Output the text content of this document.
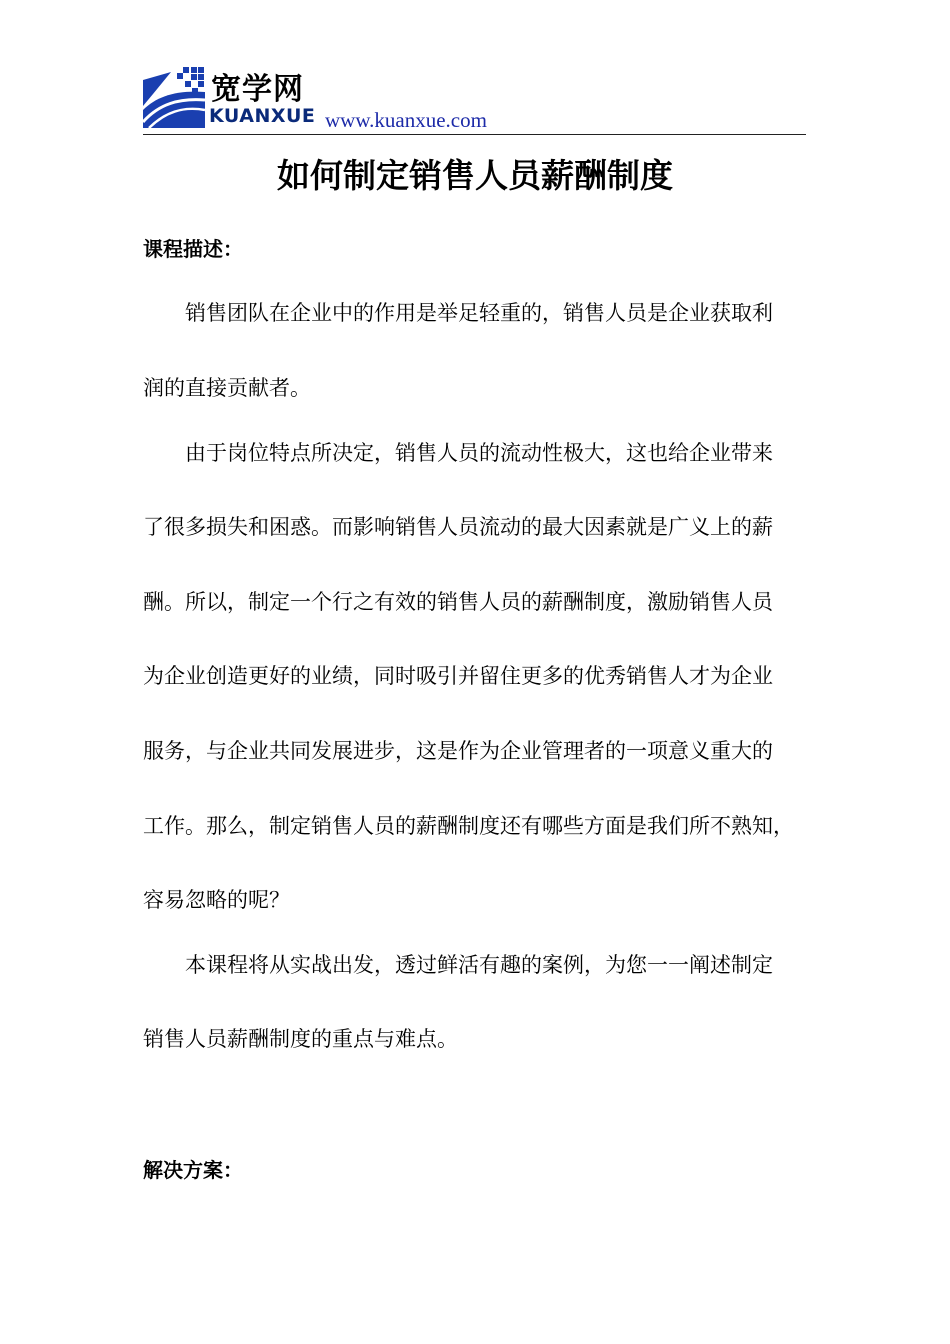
宽学网
KUANXUE www.kuanxue.com
如何制定销售人员薪酬制度
课程描述：
销售团队在企业中的作用是举足轻重的，销售人员是企业获取利
润的直接贡献者。
由于岗位特点所决定，销售人员的流动性极大，这也给企业带来
了很多损失和困惑。而影响销售人员流动的最大因素就是广义上的薪
酬。所以，制定一个行之有效的销售人员的薪酬制度，激励销售人员
为企业创造更好的业绩，同时吸引并留住更多的优秀销售人才为企业
服务，与企业共同发展进步，这是作为企业管理者的一项意义重大的
工作。那么，制定销售人员的薪酬制度还有哪些方面是我们所不熟知，
容易忽略的呢？
本课程将从实战出发，透过鲜活有趣的案例，为您一一阐述制定
销售人员薪酬制度的重点与难点。
解决方案：
